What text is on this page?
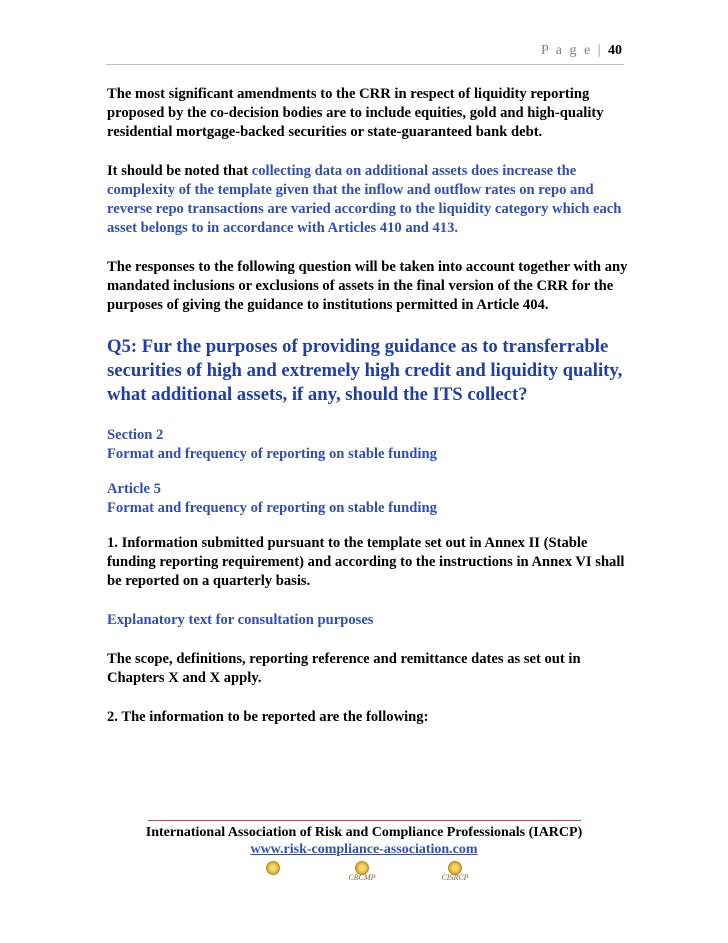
P a g e | 40

The most significant amendments to the CRR in respect of liquidity reporting proposed by the co-decision bodies are to include equities, gold and high-quality residential mortgage-backed securities or state-guaranteed bank debt.

It should be noted that collecting data on additional assets does increase the complexity of the template given that the inflow and outflow rates on repo and reverse repo transactions are varied according to the liquidity category which each asset belongs to in accordance with Articles 410 and 413.

The responses to the following question will be taken into account together with any mandated inclusions or exclusions of assets in the final version of the CRR for the purposes of giving the guidance to institutions permitted in Article 404.

Q5: Fur the purposes of providing guidance as to transferrable securities of high and extremely high credit and liquidity quality, what additional assets, if any, should the ITS collect?

Section 2
Format and frequency of reporting on stable funding

Article 5
Format and frequency of reporting on stable funding

1. Information submitted pursuant to the template set out in Annex II (Stable funding reporting requirement) and according to the instructions in Annex VI shall be reported on a quarterly basis.

Explanatory text for consultation purposes

The scope, definitions, reporting reference and remittance dates as set out in Chapters X and X apply.

2. The information to be reported are the following:

International Association of Risk and Compliance Professionals (IARCP)
www.risk-compliance-association.com
CRCMP	CISRCP
